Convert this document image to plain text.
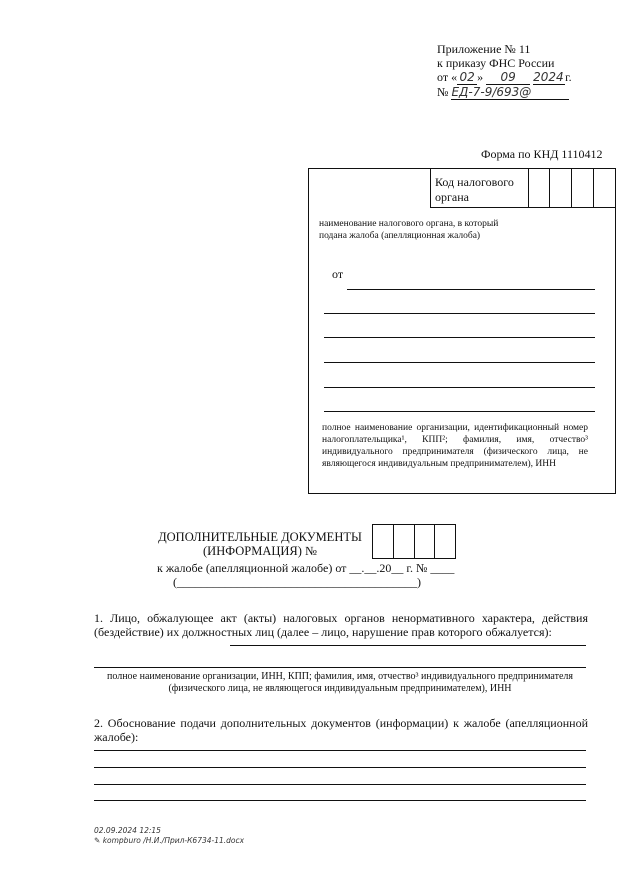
Приложение № 11
к приказу ФНС России
от « 02 » 09 2024г.
№ ЕД-7-9/693@
Форма по КНД 1110412
Код налогового органа
наименование налогового органа, в который подана жалоба (апелляционная жалоба)
от
полное наименование организации, идентификационный номер налогоплательщика¹, КПП²; фамилия, имя, отчество³ индивидуального предпринимателя (физического лица, не являющегося индивидуальным предпринимателем), ИНН
ДОПОЛНИТЕЛЬНЫЕ ДОКУМЕНТЫ
(ИНФОРМАЦИЯ) №
к жалобе (апелляционной жалобе) от __.__.20__ г. № ____
(________________________________________)
1. Лицо, обжалующее акт (акты) налоговых органов ненормативного характера, действия (бездействие) их должностных лиц (далее – лицо, нарушение прав которого обжалуется):
полное наименование организации, ИНН, КПП; фамилия, имя, отчество³ индивидуального предпринимателя (физического лица, не являющегося индивидуальным предпринимателем), ИНН
2. Обоснование подачи дополнительных документов (информации) к жалобе (апелляционной жалобе):
02.09.2024 12:15
✎ kompburo /Н.И./Прил-К6734-11.docx
